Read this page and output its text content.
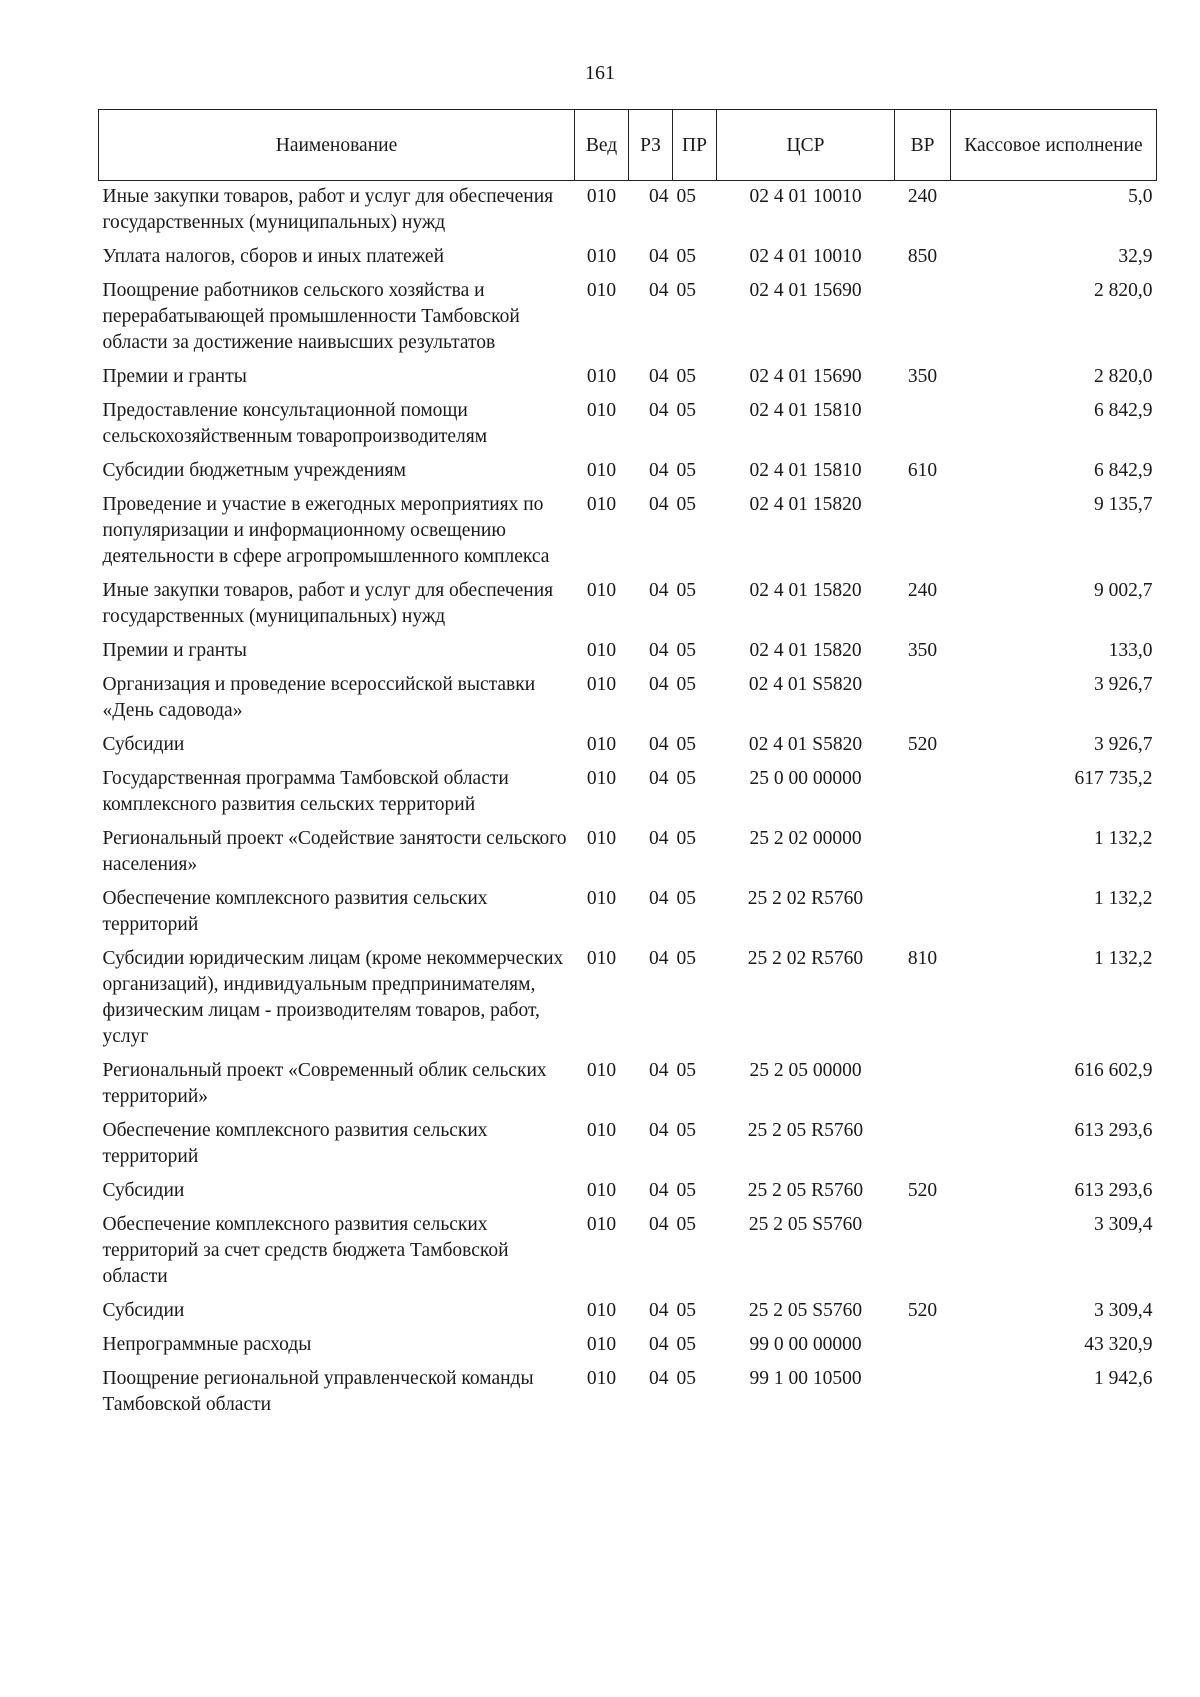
161
Наименование	Вед	РЗ	ПР	ЦСР	ВР	Кассовое исполнение
Иные закупки товаров, работ и услуг для обеспечения государственных (муниципальных) нужд	010	04	05	02 4 01 10010	240	5,0
Уплата налогов, сборов и иных платежей	010	04	05	02 4 01 10010	850	32,9
Поощрение работников сельского хозяйства и перерабатывающей промышленности Тамбовской области за достижение наивысших результатов	010	04	05	02 4 01 15690		2 820,0
Премии и гранты	010	04	05	02 4 01 15690	350	2 820,0
Предоставление консультационной помощи сельскохозяйственным товаропроизводителям	010	04	05	02 4 01 15810		6 842,9
Субсидии бюджетным учреждениям	010	04	05	02 4 01 15810	610	6 842,9
Проведение и участие в ежегодных мероприятиях по популяризации и информационному освещению деятельности в сфере агропромышленного комплекса	010	04	05	02 4 01 15820		9 135,7
Иные закупки товаров, работ и услуг для обеспечения государственных (муниципальных) нужд	010	04	05	02 4 01 15820	240	9 002,7
Премии и гранты	010	04	05	02 4 01 15820	350	133,0
Организация и проведение всероссийской выставки «День садовода»	010	04	05	02 4 01 S5820		3 926,7
Субсидии	010	04	05	02 4 01 S5820	520	3 926,7
Государственная программа Тамбовской области комплексного развития сельских территорий	010	04	05	25 0 00 00000		617 735,2
Региональный проект «Содействие занятости сельского населения»	010	04	05	25 2 02 00000		1 132,2
Обеспечение комплексного развития сельских территорий	010	04	05	25 2 02 R5760		1 132,2
Субсидии юридическим лицам (кроме некоммерческих организаций), индивидуальным предпринимателям, физическим лицам - производителям товаров, работ, услуг	010	04	05	25 2 02 R5760	810	1 132,2
Региональный проект «Современный облик сельских территорий»	010	04	05	25 2 05 00000		616 602,9
Обеспечение комплексного развития сельских территорий	010	04	05	25 2 05 R5760		613 293,6
Субсидии	010	04	05	25 2 05 R5760	520	613 293,6
Обеспечение комплексного развития сельских территорий за счет средств бюджета Тамбовской области	010	04	05	25 2 05 S5760		3 309,4
Субсидии	010	04	05	25 2 05 S5760	520	3 309,4
Непрограммные расходы	010	04	05	99 0 00 00000		43 320,9
Поощрение региональной управленческой команды Тамбовской области	010	04	05	99 1 00 10500		1 942,6
